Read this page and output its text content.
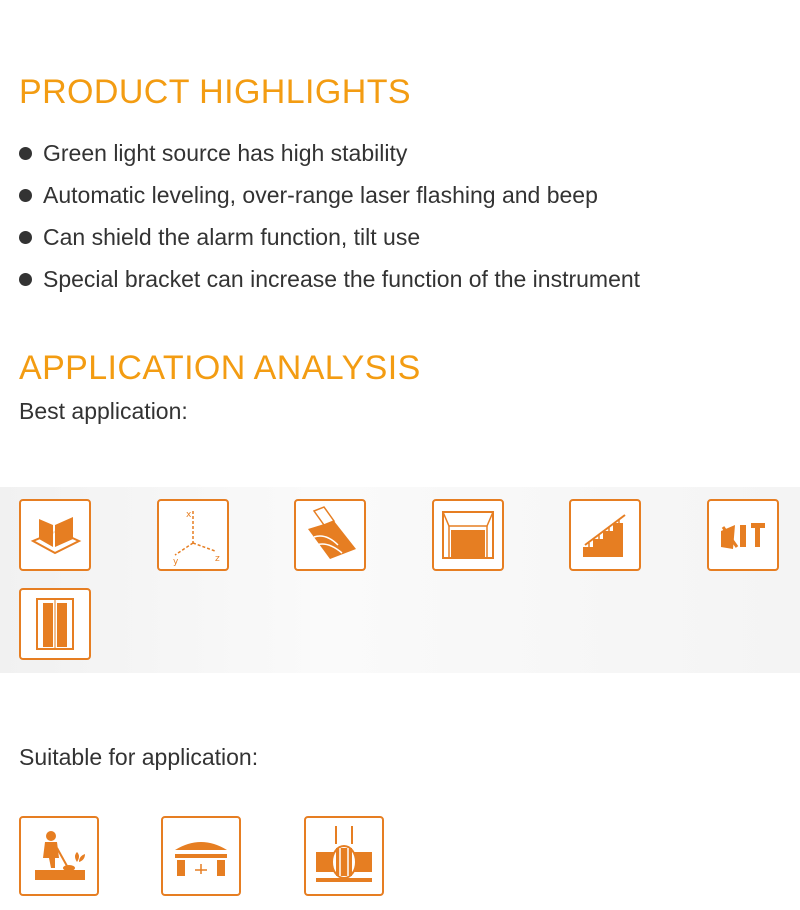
PRODUCT HIGHLIGHTS
Green light source has high stability
Automatic leveling, over-range laser flashing and beep
Can shield the alarm function, tilt use
Special bracket can increase the function of the instrument
APPLICATION ANALYSIS

Best application:

x
y	z

Suitable for application:
